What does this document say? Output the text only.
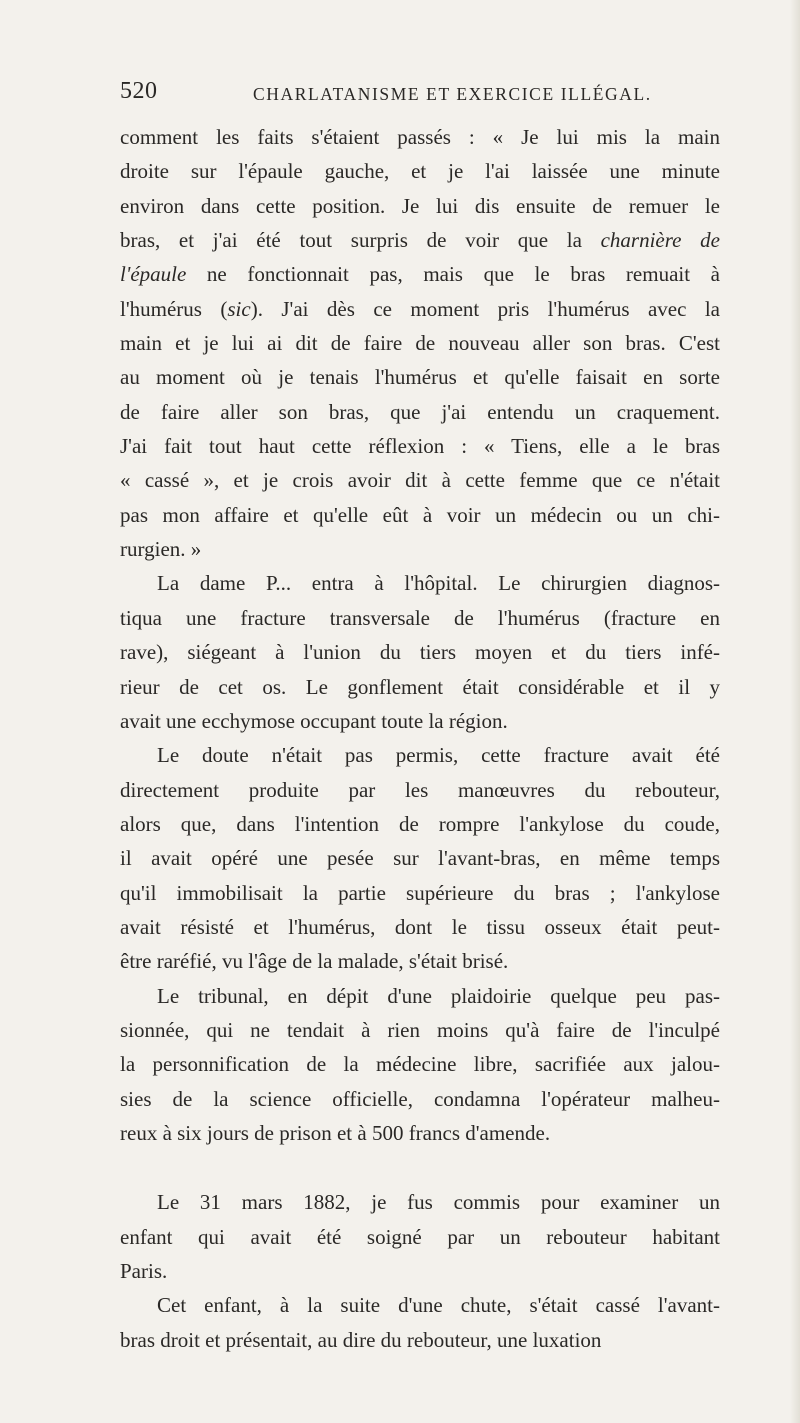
520	CHARLATANISME ET EXERCICE ILLÉGAL.
comment les faits s'étaient passés : « Je lui mis la main
droite sur l'épaule gauche, et je l'ai laissée une minute
environ dans cette position. Je lui dis ensuite de remuer le
bras, et j'ai été tout surpris de voir que la charnière de
l'épaule ne fonctionnait pas, mais que le bras remuait à
l'humérus (sic). J'ai dès ce moment pris l'humérus avec la
main et je lui ai dit de faire de nouveau aller son bras. C'est
au moment où je tenais l'humérus et qu'elle faisait en sorte
de faire aller son bras, que j'ai entendu un craquement.
J'ai fait tout haut cette réflexion : « Tiens, elle a le bras
« cassé », et je crois avoir dit à cette femme que ce n'était
pas mon affaire et qu'elle eût à voir un médecin ou un chi-
rurgien. »
La dame P... entra à l'hôpital. Le chirurgien diagnos-
tiqua une fracture transversale de l'humérus (fracture en
rave), siégeant à l'union du tiers moyen et du tiers infé-
rieur de cet os. Le gonflement était considérable et il y
avait une ecchymose occupant toute la région.
Le doute n'était pas permis, cette fracture avait été
directement produite par les manœuvres du rebouteur,
alors que, dans l'intention de rompre l'ankylose du coude,
il avait opéré une pesée sur l'avant-bras, en même temps
qu'il immobilisait la partie supérieure du bras ; l'ankylose
avait résisté et l'humérus, dont le tissu osseux était peut-
être raréfié, vu l'âge de la malade, s'était brisé.
Le tribunal, en dépit d'une plaidoirie quelque peu pas-
sionnée, qui ne tendait à rien moins qu'à faire de l'inculpé
la personnification de la médecine libre, sacrifiée aux jalou-
sies de la science officielle, condamna l'opérateur malheu-
reux à six jours de prison et à 500 francs d'amende.
Le 31 mars 1882, je fus commis pour examiner un
enfant qui avait été soigné par un rebouteur habitant
Paris.
Cet enfant, à la suite d'une chute, s'était cassé l'avant-
bras droit et présentait, au dire du rebouteur, une luxation
